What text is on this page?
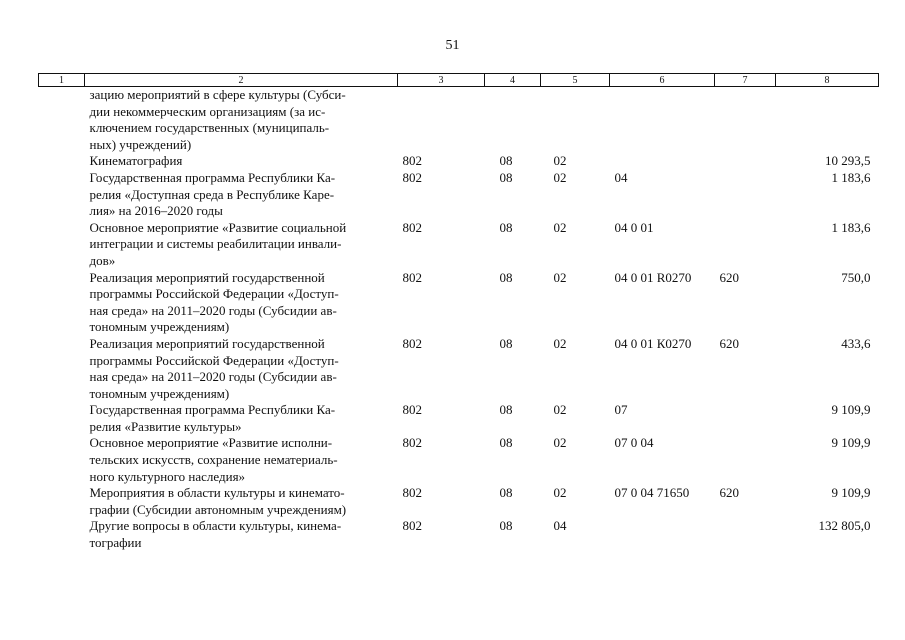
51
1	2	3	4	5	6	7	8

	зацию мероприятий в сфере культуры (Субси-
дии некоммерческим организациям (за ис-
ключением государственных (муниципаль-
ных) учреждений)						

	Кинематография	802	08	02			10 293,5

	Государственная программа Республики Ка-
релия «Доступная среда в Республике Каре-
лия» на 2016–2020 годы	802	08	02	04		1 183,6

	Основное мероприятие «Развитие социальной
интеграции и системы реабилитации инвали-
дов»	802	08	02	04 0 01		1 183,6

	Реализация мероприятий государственной
программы Российской Федерации «Доступ-
ная среда» на 2011–2020 годы (Субсидии ав-
тономным учреждениям)	802	08	02	04 0 01 R0270	620	750,0

	Реализация мероприятий государственной
программы Российской Федерации «Доступ-
ная среда» на 2011–2020 годы (Субсидии ав-
тономным учреждениям)	802	08	02	04 0 01 К0270	620	433,6

	Государственная программа Республики Ка-
релия «Развитие культуры»	802	08	02	07		9 109,9

	Основное мероприятие «Развитие исполни-
тельских искусств, сохранение нематериаль-
ного культурного наследия»	802	08	02	07 0 04		9 109,9

	Мероприятия в области культуры и кинемато-
графии (Субсидии автономным учреждениям)	802	08	02	07 0 04 71650	620	9 109,9

	Другие вопросы в области культуры, кинема-
тографии	802	08	04			132 805,0
